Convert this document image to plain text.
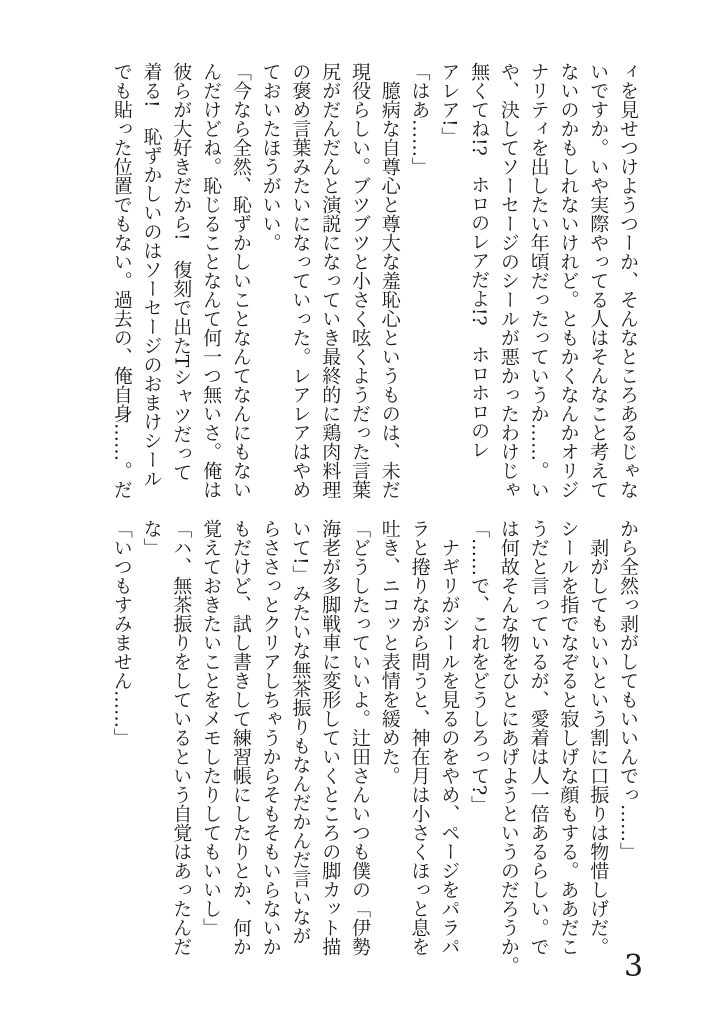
ィを見せつけようつーか、そんなところあるじゃな

いですか。いや実際やってる人はそんなこと考えて

ないのかもしれないけれど。ともかくなんかオリジ

ナリティを出したい年頃だったっていうか……。い

や、決してソーセージのシールが悪かったわけじゃ

無くてね!?　ホロのレアだよ!?　ホロホロのレ

アレア!」

「はあ……」

　臆病な自尊心と尊大な羞恥心というものは、未だ

現役らしい。ブツブツと小さく呟くようだった言葉

尻がだんだんと演説になっていき最終的に鶏肉料理

の褒め言葉みたいになっていった。レアレアはやめ

ておいたほうがいい。

「今なら全然、恥ずかしいことなんてなんにもない

んだけどね。恥じることなんて何一つ無いさ。俺は

彼らが大好きだから!　復刻で出たTシャツだって

着る!　恥ずかしいのはソーセージのおまけシール

でも貼った位置でもない。過去の、俺自身……。だ

から全然っ剥がしてもいいんでっ……」

　剥がしてもいいという割に口振りは物惜しげだ。

シールを指でなぞると寂しげな顔もする。ああだこ

うだと言っているが、愛着は人一倍あるらしい。で

は何故そんな物をひとにあげようというのだろうか。

「……で、これをどうしろって?」

　ナギリがシールを見るのをやめ、ページをパラパ

ラと捲りながら問うと、神在月は小さくほっと息を

吐き、ニコッと表情を緩めた。

「どうしたっていいよ。辻田さんいつも僕の「伊勢

海老が多脚戦車に変形していくところの脚カット描

いて!」みたいな無茶振りもなんだかんだ言いなが

らささっとクリアしちゃうからそもそもいらないか

もだけど、試し書きして練習帳にしたりとか、何か

覚えておきたいことをメモしたりしてもいいし」

「ハ、無茶振りをしているという自覚はあったんだ

な」

「いつもすみません……」

3
